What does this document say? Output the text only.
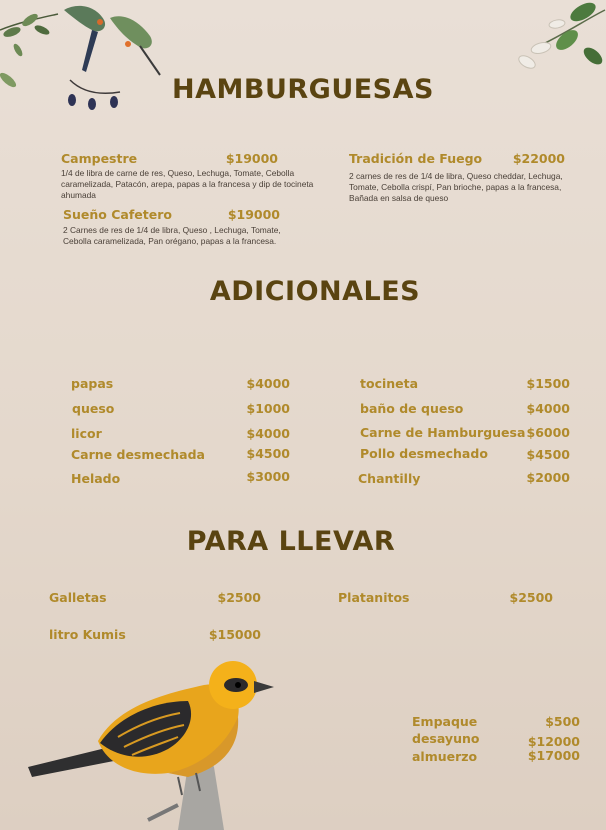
HAMBURGUESAS
Campestre	$19000

1/4 de libra de carne de res, Queso, Lechuga, Tomate, Cebolla caramelizada, Patacón, arepa, papas a la francesa y dip de tocineta ahumada

Tradición de Fuego	$22000

2 carnes de res de 1/4 de libra, Queso cheddar, Lechuga, Tomate, Cebolla crispí, Pan brioche, papas a la francesa, Bañada en salsa de queso

Sueño Cafetero	$19000

2 Carnes de res de 1/4 de libra, Queso , Lechuga, Tomate, Cebolla caramelizada, Pan orégano, papas a la francesa.

ADICIONALES
papas	$4000
queso	$1000
licor	$4000
Carne desmechada	$4500
Helado	$3000
tocineta	$1500
baño de queso	$4000
Carne de Hamburguesa $6000
Pollo desmechado	$4500
Chantilly	$2000
PARA LLEVAR
Galletas	$2500	Platanitos	$2500
litro Kumis	$15000
Empaque	$500
desayuno	$12000
almuerzo	$17000
